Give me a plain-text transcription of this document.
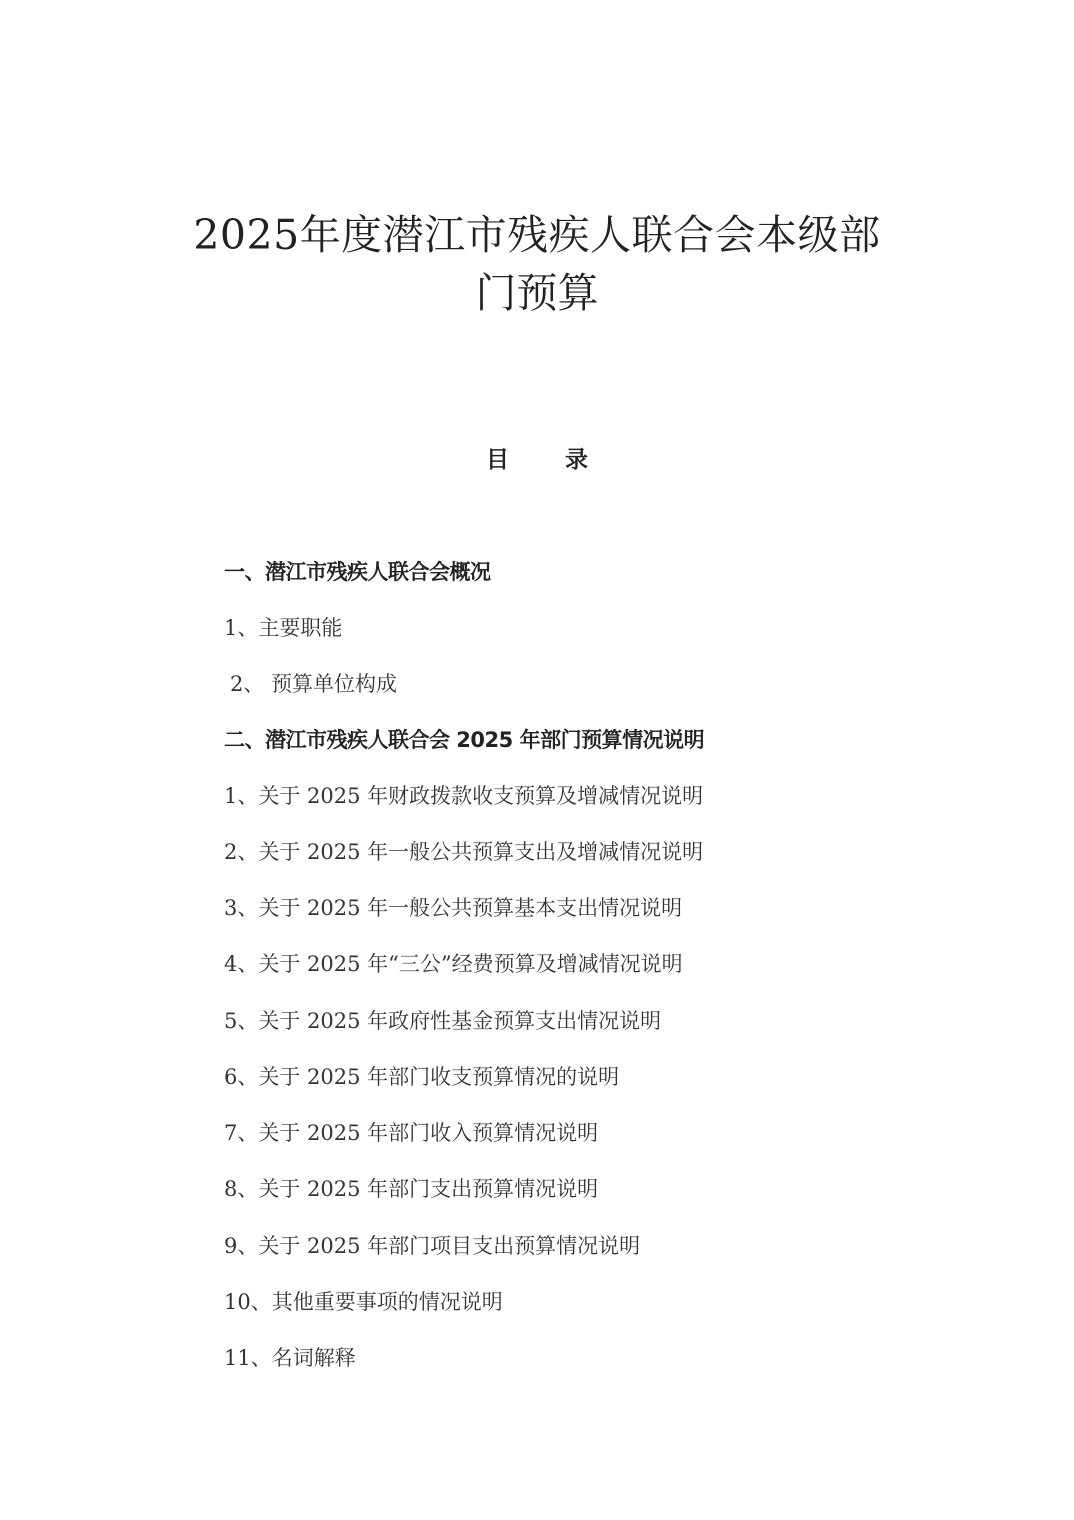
2025年度潜江市残疾人联合会本级部
门预算
目 录
一、潜江市残疾人联合会概况
1、主要职能
2、 预算单位构成
二、潜江市残疾人联合会 2025 年部门预算情况说明
1、关于 2025 年财政拨款收支预算及增减情况说明
2、关于 2025 年一般公共预算支出及增减情况说明
3、关于 2025 年一般公共预算基本支出情况说明
4、关于 2025 年“三公”经费预算及增减情况说明
5、关于 2025 年政府性基金预算支出情况说明
6、关于 2025 年部门收支预算情况的说明
7、关于 2025 年部门收入预算情况说明
8、关于 2025 年部门支出预算情况说明
9、关于 2025 年部门项目支出预算情况说明
10、其他重要事项的情况说明
11、名词解释
